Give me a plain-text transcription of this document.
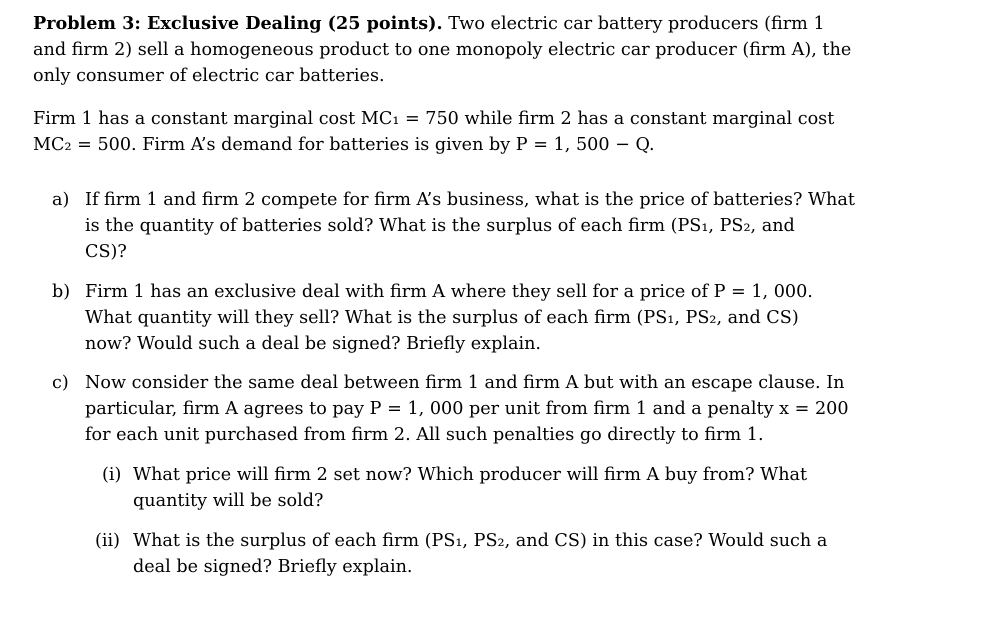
Problem 3: Exclusive Dealing (25 points). Two electric car battery producers (firm 1
and firm 2) sell a homogeneous product to one monopoly electric car producer (firm A), the
only consumer of electric car batteries.
Firm 1 has a constant marginal cost MC₁ = 750 while firm 2 has a constant marginal cost
MC₂ = 500. Firm A’s demand for batteries is given by P = 1, 500 − Q.
a) If firm 1 and firm 2 compete for firm A’s business, what is the price of batteries? What
is the quantity of batteries sold? What is the surplus of each firm (PS₁, PS₂, and
CS)?
b) Firm 1 has an exclusive deal with firm A where they sell for a price of P = 1, 000.
What quantity will they sell? What is the surplus of each firm (PS₁, PS₂, and CS)
now? Would such a deal be signed? Briefly explain.
c) Now consider the same deal between firm 1 and firm A but with an escape clause. In
particular, firm A agrees to pay P = 1, 000 per unit from firm 1 and a penalty x = 200
for each unit purchased from firm 2. All such penalties go directly to firm 1.
(i) What price will firm 2 set now? Which producer will firm A buy from? What
quantity will be sold?
(ii) What is the surplus of each firm (PS₁, PS₂, and CS) in this case? Would such a
deal be signed? Briefly explain.
